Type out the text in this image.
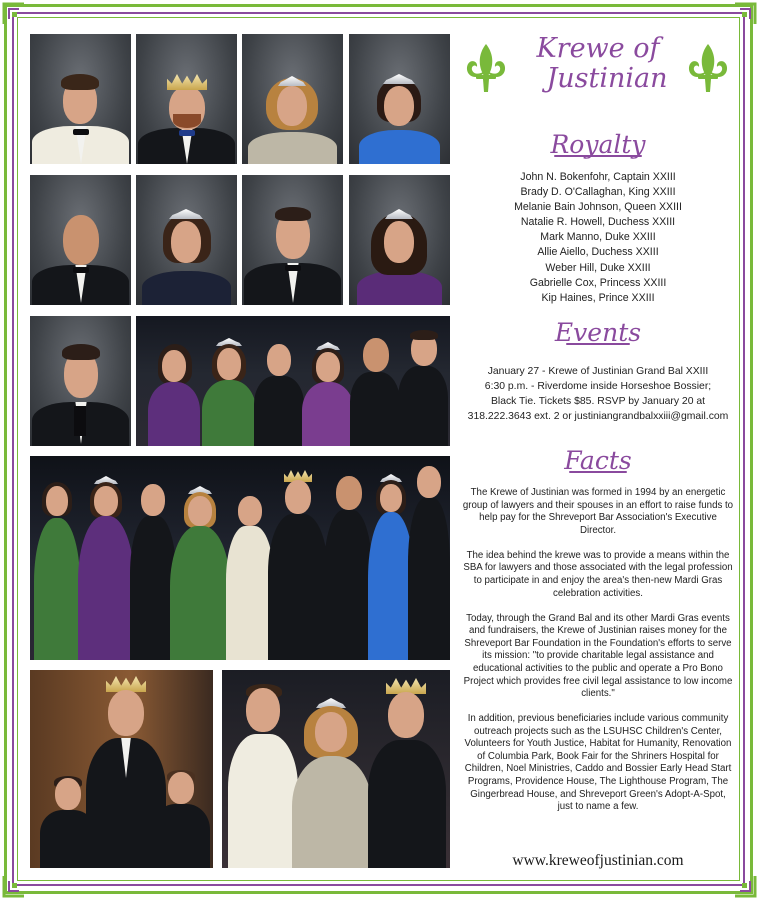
Krewe of
Justinian
Royalty
John N. Bokenfohr, Captain XXIII
Brady D. O'Callaghan, King XXIII
Melanie Bain Johnson, Queen XXIII
Natalie R. Howell, Duchess XXIII
Mark Manno, Duke XXIII
Allie Aiello, Duchess XXIII
Weber Hill, Duke XXIII
Gabrielle Cox, Princess XXIII
Kip Haines, Prince XXIII
Events
January 27 - Krewe of Justinian Grand Bal XXIII
6:30 p.m. - Riverdome inside Horseshoe Bossier;
Black Tie. Tickets $85. RSVP by January 20 at
318.222.3643 ext. 2 or justiniangrandbalxxiii@gmail.com
Facts

The Krewe of Justinian was formed in 1994 by an energetic group of lawyers and their spouses in an effort to raise funds to help pay for the Shreveport Bar Association's Executive Director.

The idea behind the krewe was to provide a means within the SBA for lawyers and those associated with the legal profession to participate in and enjoy the area's then-new Mardi Gras celebration activities.

Today, through the Grand Bal and its other Mardi Gras events and fundraisers, the Krewe of Justinian raises money for the Shreveport Bar Foundation in the Foundation's efforts to serve its mission: "to provide charitable legal assistance and educational activities to the public and operate a Pro Bono Project which provides free civil legal assistance to low income clients."

In addition, previous beneficiaries include various community outreach projects such as the LSUHSC Children's Center, Volunteers for Youth Justice, Habitat for Humanity, Renovation of Columbia Park, Book Fair for the Shriners Hospital for Children, Noel Ministries, Caddo and Bossier Early Head Start Programs, Providence House, The Lighthouse Program, The Gingerbread House, and Shreveport Green's Adopt-A-Spot, just to name a few.

www.kreweofjustinian.com
